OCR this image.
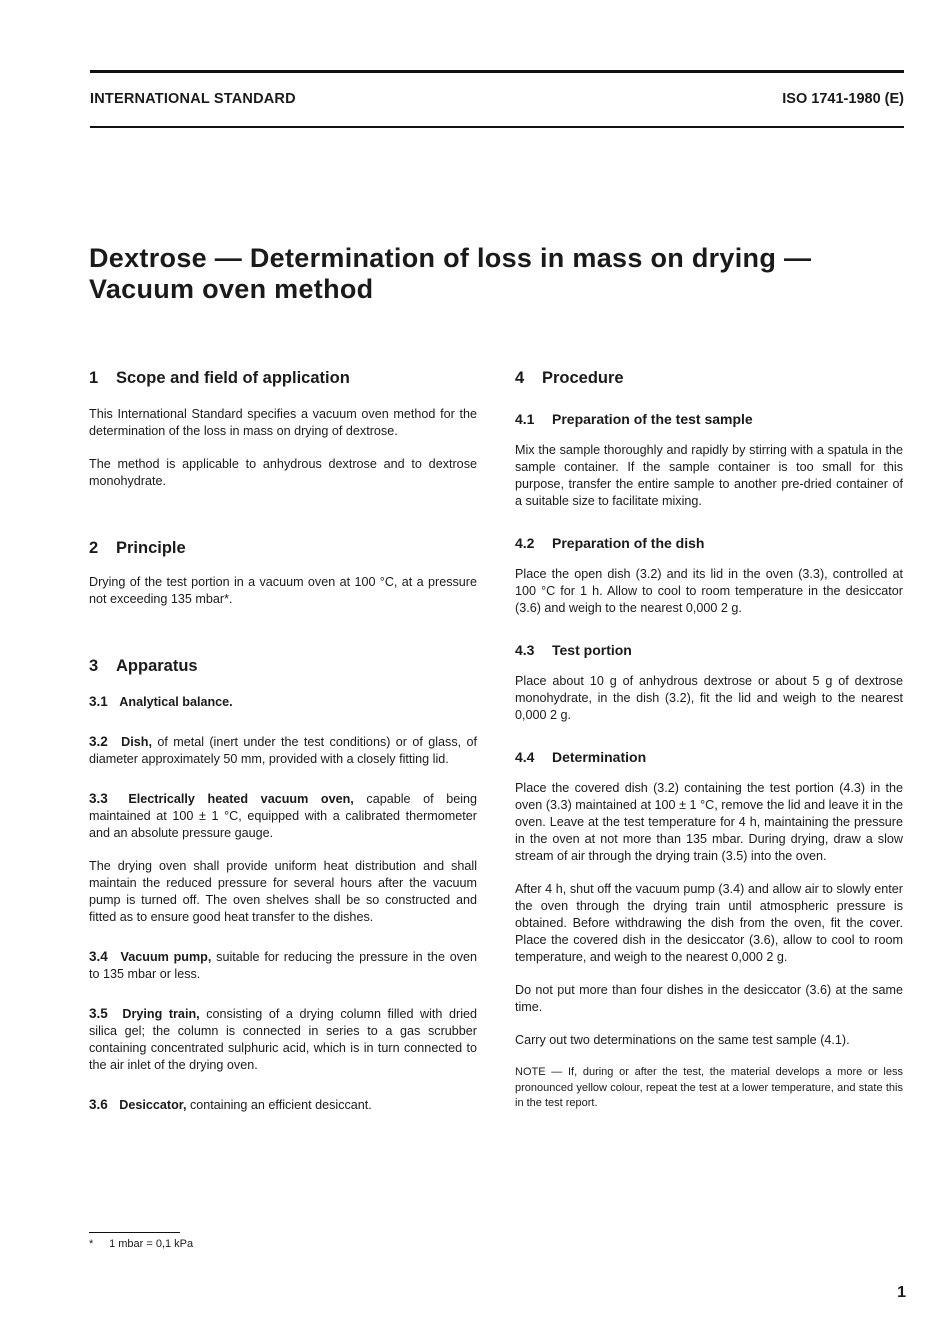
INTERNATIONAL STANDARD	ISO 1741-1980 (E)
Dextrose — Determination of loss in mass on drying —
Vacuum oven method
1	Scope and field of application

This International Standard specifies a vacuum oven method for the determination of the loss in mass on drying of dextrose.

The method is applicable to anhydrous dextrose and to dextrose monohydrate.

2	Principle

Drying of the test portion in a vacuum oven at 100 °C, at a pressure not exceeding 135 mbar*.

3	Apparatus

3.1 Analytical balance.

3.2 Dish, of metal (inert under the test conditions) or of glass, of diameter approximately 50 mm, provided with a closely fitting lid.

3.3 Electrically heated vacuum oven, capable of being maintained at 100 ± 1 °C, equipped with a calibrated thermometer and an absolute pressure gauge.

The drying oven shall provide uniform heat distribution and shall maintain the reduced pressure for several hours after the vacuum pump is turned off. The oven shelves shall be so constructed and fitted as to ensure good heat transfer to the dishes.

3.4 Vacuum pump, suitable for reducing the pressure in the oven to 135 mbar or less.

3.5 Drying train, consisting of a drying column filled with dried silica gel; the column is connected in series to a gas scrubber containing concentrated sulphuric acid, which is in turn connected to the air inlet of the drying oven.

3.6 Desiccator, containing an efficient desiccant.

4	Procedure
4.1	Preparation of the test sample

Mix the sample thoroughly and rapidly by stirring with a spatula in the sample container. If the sample container is too small for this purpose, transfer the entire sample to another pre-dried container of a suitable size to facilitate mixing.

4.2	Preparation of the dish

Place the open dish (3.2) and its lid in the oven (3.3), controlled at 100 °C for 1 h. Allow to cool to room temperature in the desiccator (3.6) and weigh to the nearest 0,000 2 g.

4.3	Test portion

Place about 10 g of anhydrous dextrose or about 5 g of dextrose monohydrate, in the dish (3.2), fit the lid and weigh to the nearest 0,000 2 g.

4.4	Determination

Place the covered dish (3.2) containing the test portion (4.3) in the oven (3.3) maintained at 100 ± 1 °C, remove the lid and leave it in the oven. Leave at the test temperature for 4 h, maintaining the pressure in the oven at not more than 135 mbar. During drying, draw a slow stream of air through the drying train (3.5) into the oven.

After 4 h, shut off the vacuum pump (3.4) and allow air to slowly enter the oven through the drying train until atmospheric pressure is obtained. Before withdrawing the dish from the oven, fit the cover. Place the covered dish in the desiccator (3.6), allow to cool to room temperature, and weigh to the nearest 0,000 2 g.

Do not put more than four dishes in the desiccator (3.6) at the same time.

Carry out two determinations on the same test sample (4.1).

NOTE — If, during or after the test, the material develops a more or less pronounced yellow colour, repeat the test at a lower temperature, and state this in the test report.

* 1 mbar = 0,1 kPa
1
